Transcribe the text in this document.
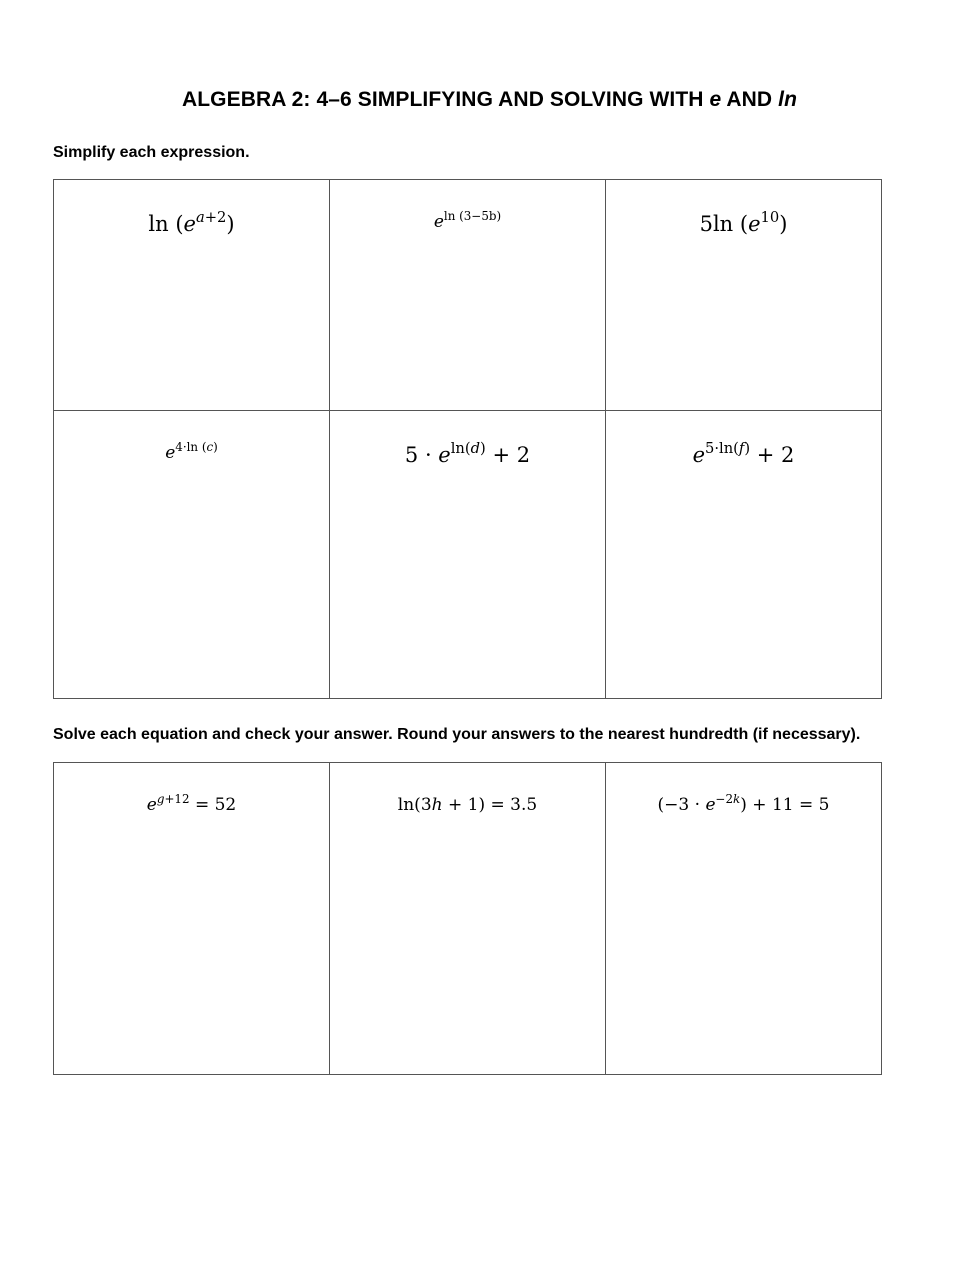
ALGEBRA 2: 4–6 SIMPLIFYING AND SOLVING WITH e AND ln
Simplify each expression.
$\ln (e^{a+2})$	$e^{ln (3-5b)}$	5ln $(e^{10})$
$e^{4\cdot ln (c)}$	$5 \cdot e^{ln(d)} + 2$	$e^{5\cdot ln(f)} + 2$
Solve each equation and check your answer. Round your answers to the nearest hundredth (if necessary).
$e^{g+12} = 52$	ln(3h + 1) = 3.5	$(-3 \cdot e^{-2k}) + 11 = 5$
